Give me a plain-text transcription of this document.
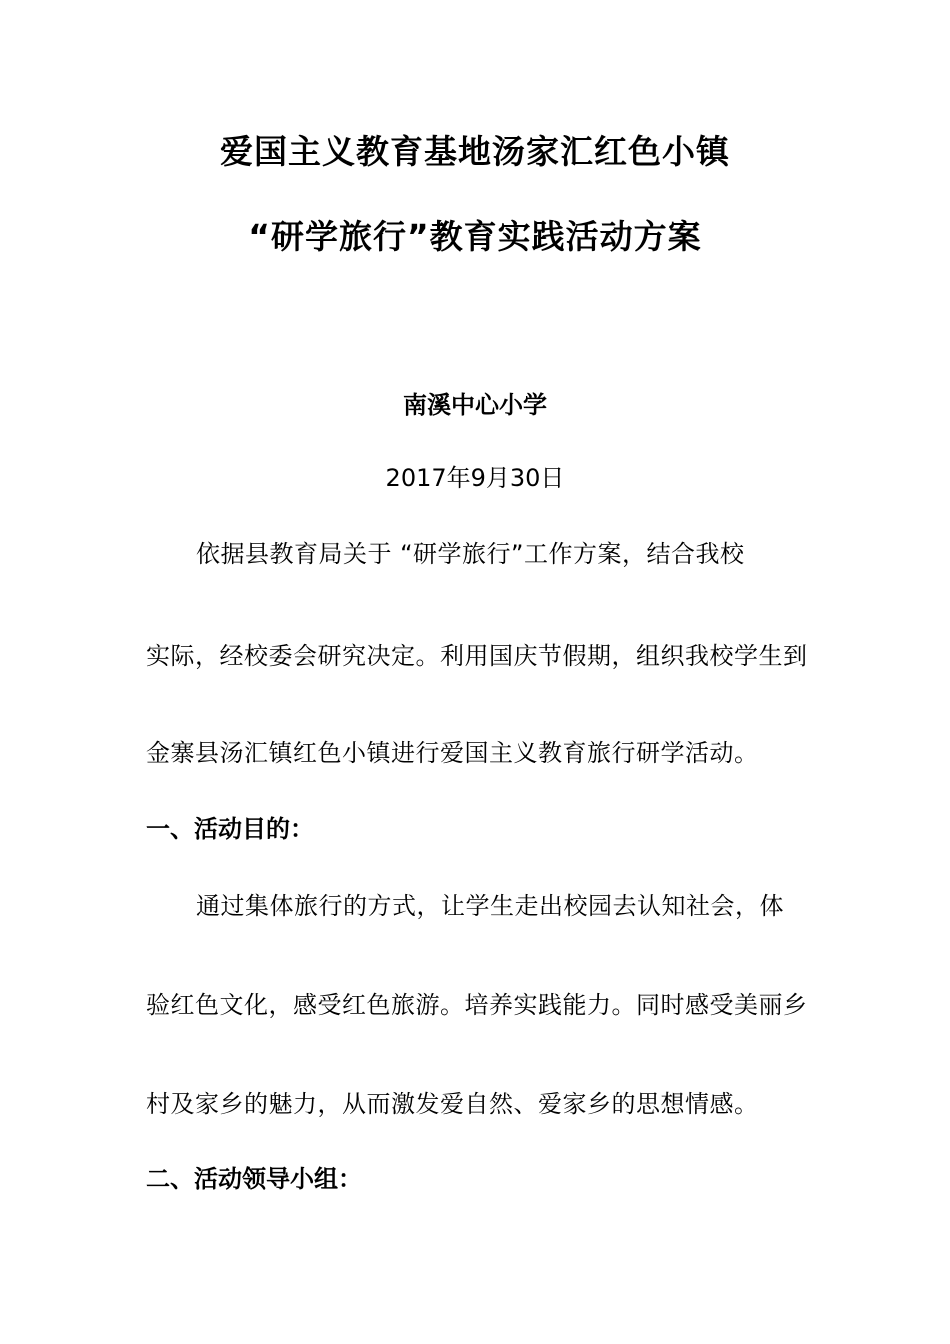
爱国主义教育基地汤家汇红色小镇
“研学旅行”教育实践活动方案
南溪中心小学
2017年9月30日
依据县教育局关于 “研学旅行”工作方案，结合我校
实际，经校委会研究决定。利用国庆节假期，组织我校学生到
金寨县汤汇镇红色小镇进行爱国主义教育旅行研学活动。
一、活动目的：
通过集体旅行的方式，让学生走出校园去认知社会，体
验红色文化，感受红色旅游。培养实践能力。同时感受美丽乡
村及家乡的魅力，从而激发爱自然、爱家乡的思想情感。
二、活动领导小组：
